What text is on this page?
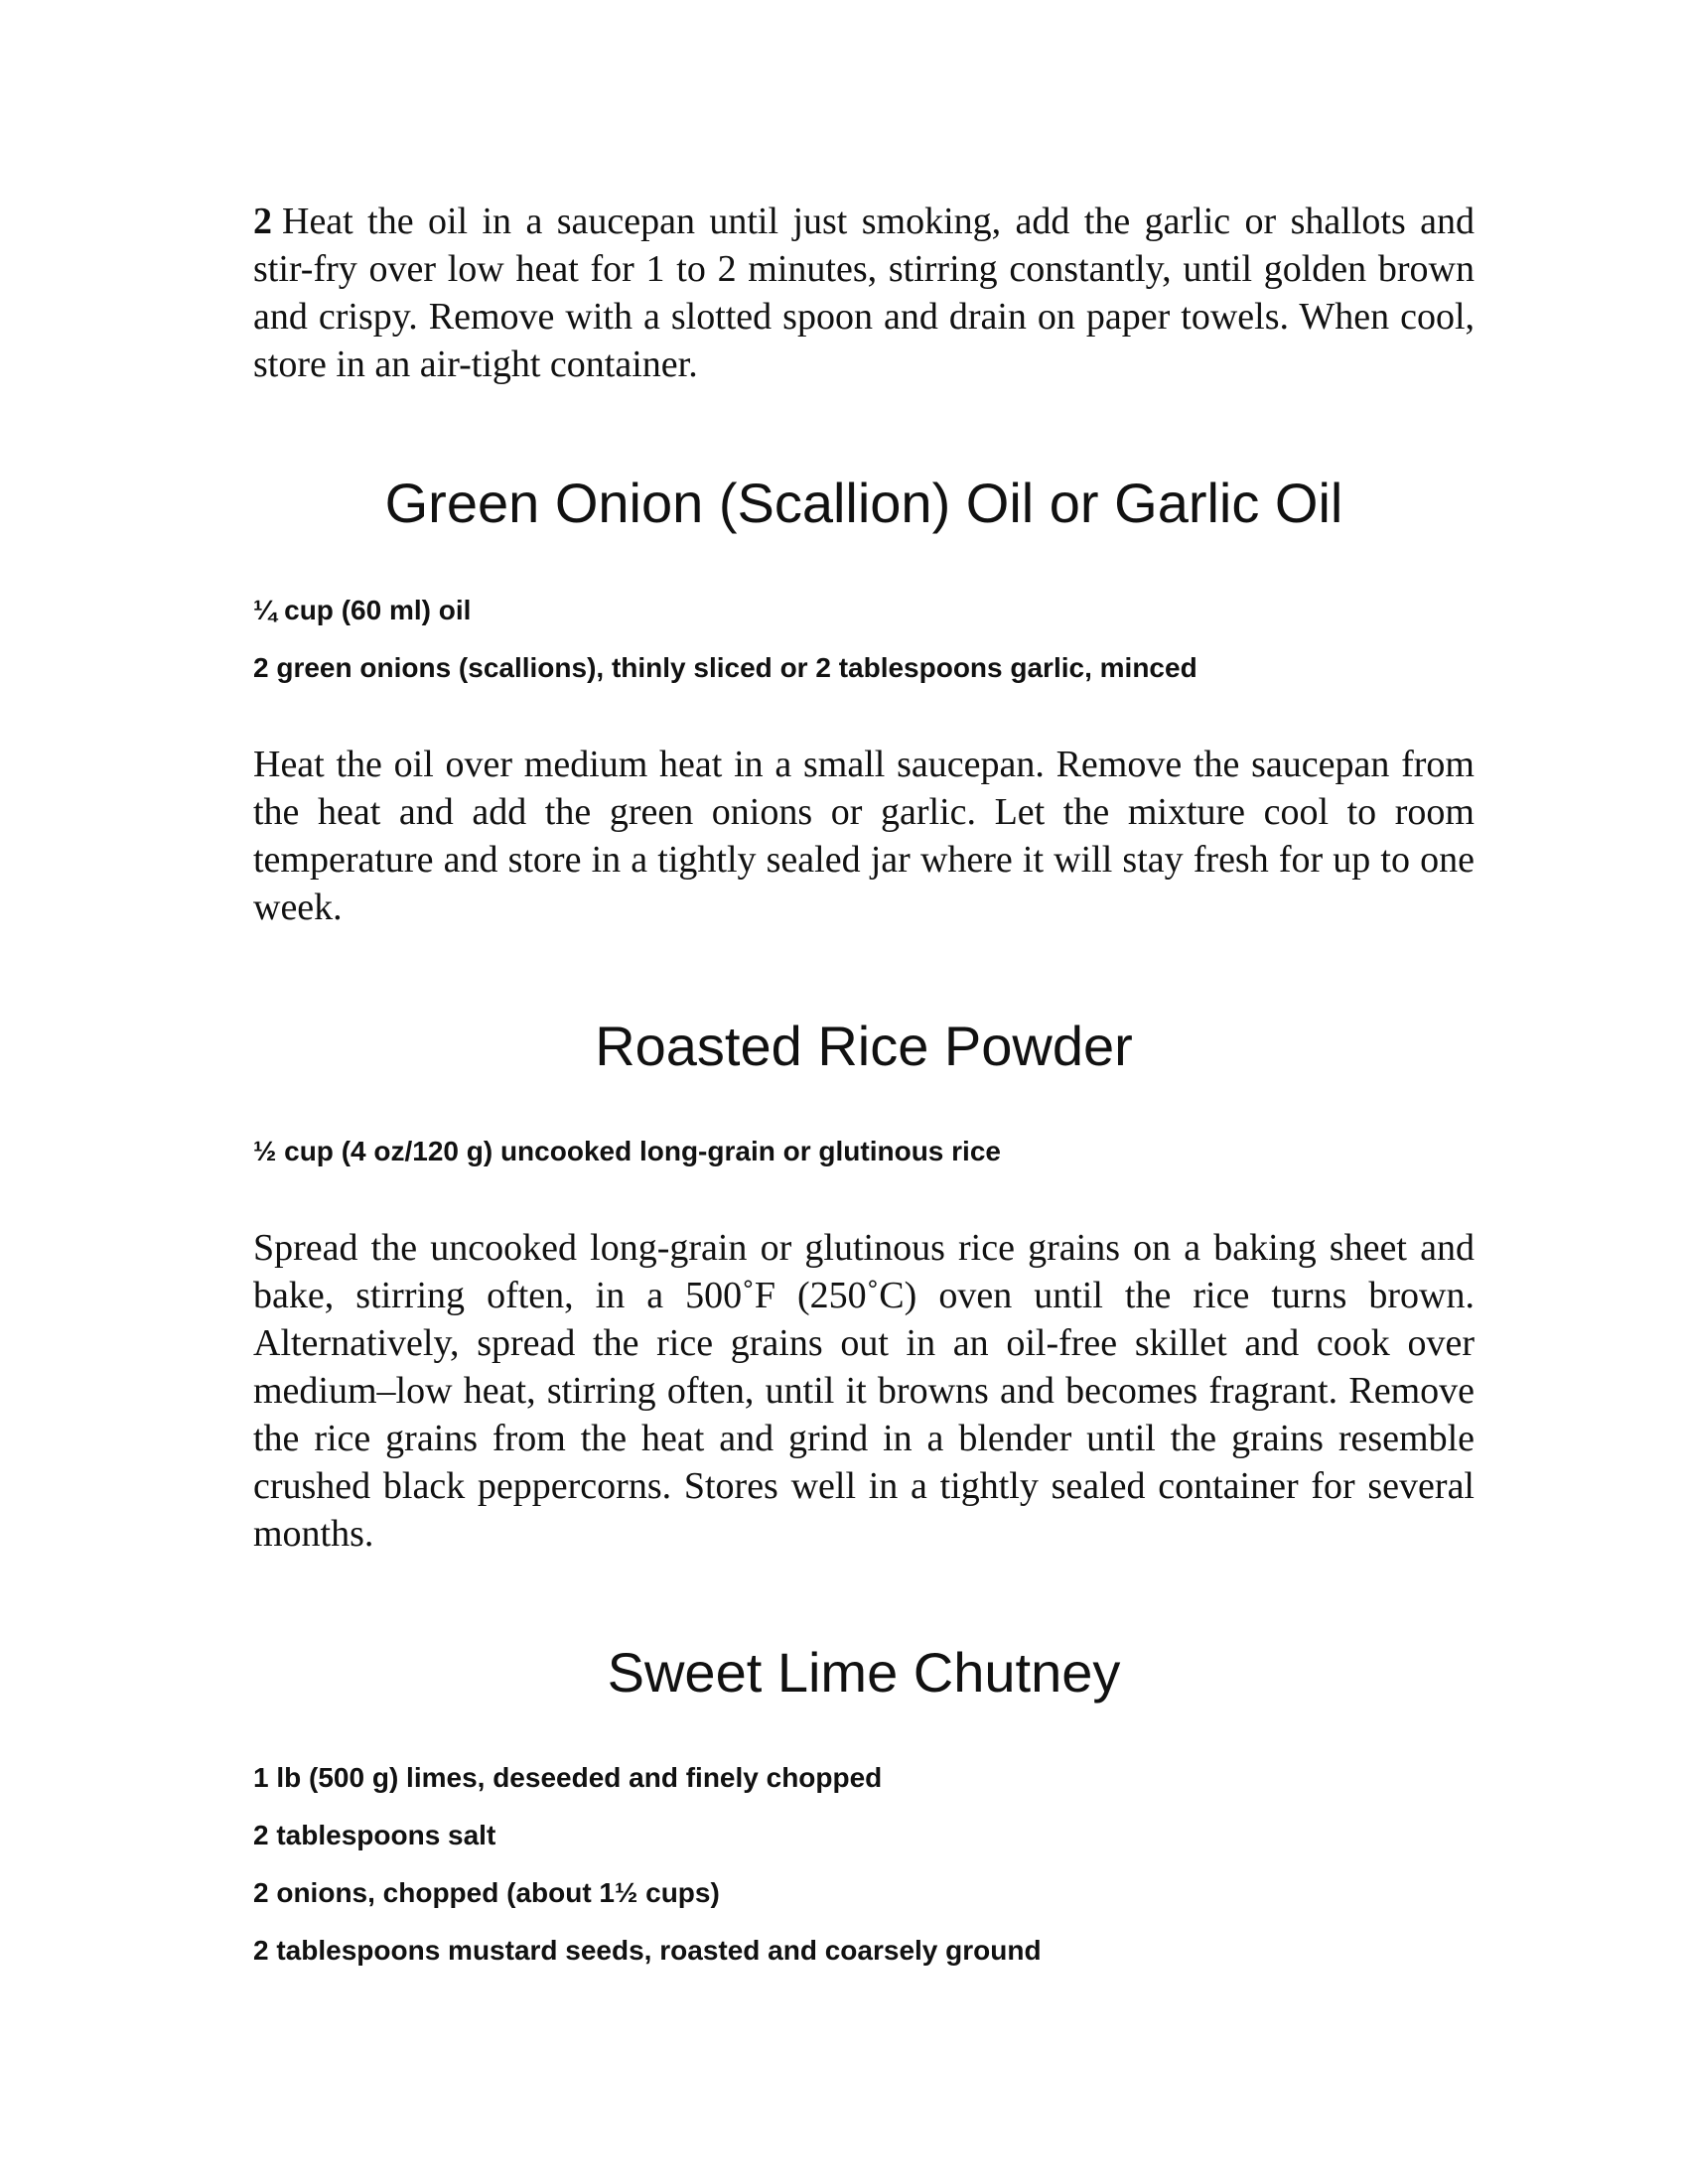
2 Heat the oil in a saucepan until just smoking, add the garlic or shallots and stir-fry over low heat for 1 to 2 minutes, stirring constantly, until golden brown and crispy. Remove with a slotted spoon and drain on paper towels. When cool, store in an air-tight container.

Green Onion (Scallion) Oil or Garlic Oil
¼ cup (60 ml) oil
2 green onions (scallions), thinly sliced or 2 tablespoons garlic, minced

Heat the oil over medium heat in a small saucepan. Remove the saucepan from the heat and add the green onions or garlic. Let the mixture cool to room temperature and store in a tightly sealed jar where it will stay fresh for up to one week.

Roasted Rice Powder
½ cup (4 oz/120 g) uncooked long-grain or glutinous rice

Spread the uncooked long-grain or glutinous rice grains on a baking sheet and bake, stirring often, in a 500˚F (250˚C) oven until the rice turns brown. Alternatively, spread the rice grains out in an oil-free skillet and cook over medium–low heat, stirring often, until it browns and becomes fragrant. Remove the rice grains from the heat and grind in a blender until the grains resemble crushed black peppercorns. Stores well in a tightly sealed container for several months.

Sweet Lime Chutney
1 lb (500 g) limes, deseeded and finely chopped
2 tablespoons salt
2 onions, chopped (about 1½ cups)
2 tablespoons mustard seeds, roasted and coarsely ground
